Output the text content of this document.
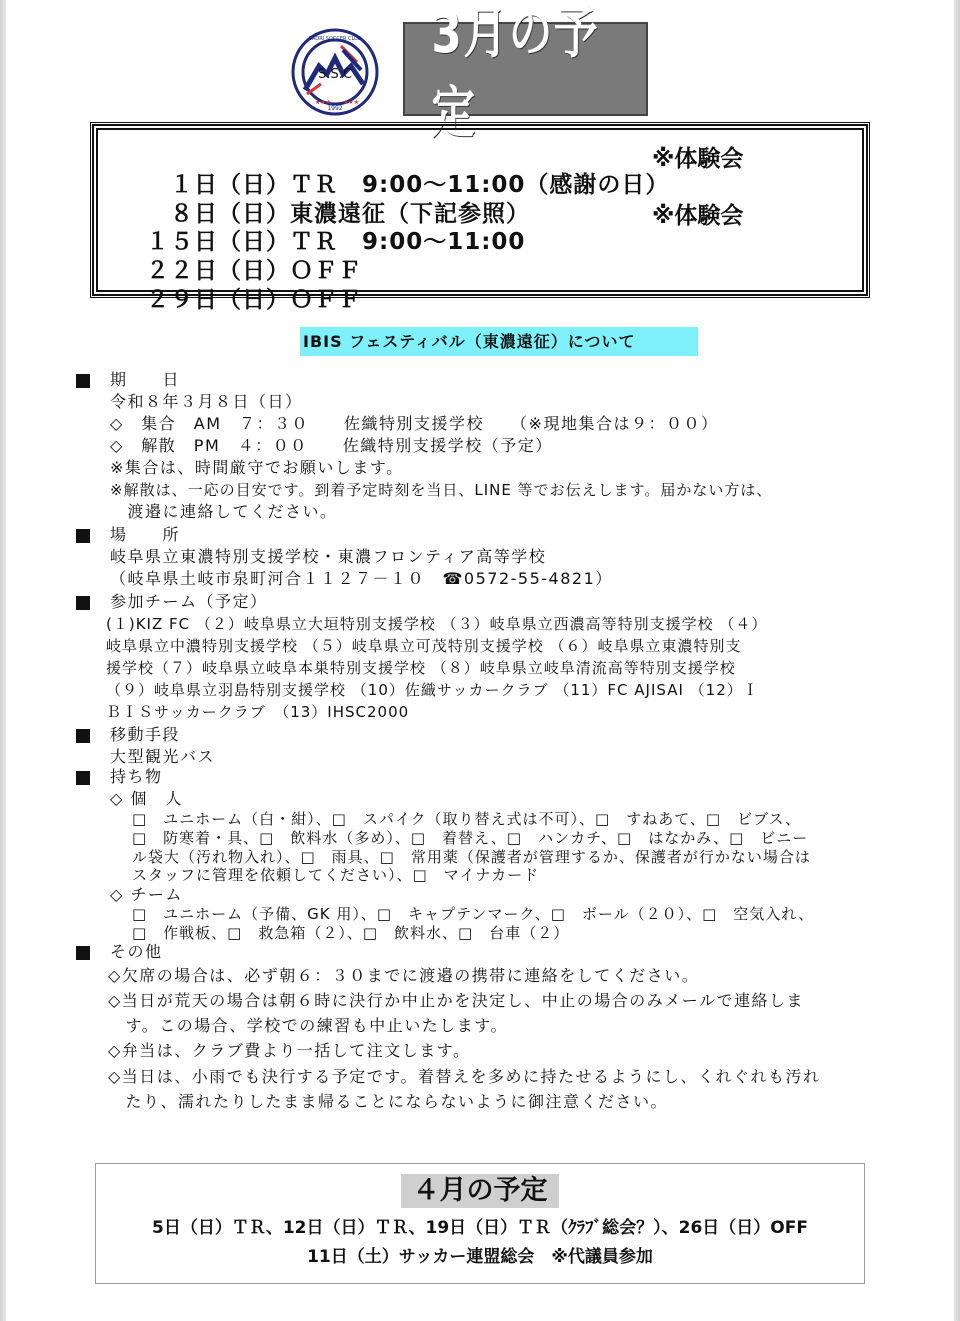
S.S.C
SAORI SOCCER CLUB
1992
★★★ ★★★
3月の予定

　１日（日）ＴＲ　9:00～11:00（感謝の日）

※体験会

　８日（日）東濃遠征（下記参照）

１５日（日）ＴＲ　9:00～11:00

※体験会

２２日（日）ＯＦＦ

２９日（日）ＯＦＦ

IBIS フェスティバル（東濃遠征）について
期　　日
令和８年３月８日（日）
◇　集合　AM　７：３０　　佐織特別支援学校　　（※現地集合は９：００）
◇　解散　PM　４：００　　佐織特別支援学校（予定）
※集合は、時間厳守でお願いします。
※解散は、一応の目安です。到着予定時刻を当日、LINE 等でお伝えします。届かない方は、
　渡邉に連絡してください。
場　　所
岐阜県立東濃特別支援学校・東濃フロンティア高等学校
（岐阜県土岐市泉町河合１１２７－１０　☎0572-55-4821）
参加チーム（予定）
(１)KIZ FC （２）岐阜県立大垣特別支援学校 （３）岐阜県立西濃高等特別支援学校 （４）
岐阜県立中濃特別支援学校 （５）岐阜県立可茂特別支援学校 （６）岐阜県立東濃特別支
援学校（７）岐阜県立岐阜本巣特別支援学校 （８）岐阜県立岐阜清流高等特別支援学校
（９）岐阜県立羽島特別支援学校 （10）佐織サッカークラブ （11）FC AJISAI （12）Ｉ
ＢＩＳサッカークラブ　（13）IHSC2000
移動手段
大型観光バス
持ち物
◇ 個　人
□　ユニホーム（白・紺）、□　スパイク（取り替え式は不可）、□　すねあて、□　ビブス、
□　防寒着・具、□　飲料水（多め）、□　着替え、□　ハンカチ、□　はなかみ、□　ビニー
ル袋大（汚れ物入れ）、□　雨具、□　常用薬（保護者が管理するか、保護者が行かない場合は
スタッフに管理を依頼してください）、□　マイナカード
◇ チーム
□　ユニホーム（予備、GK 用）、□　キャプテンマーク、□　ボール（２０）、□　空気入れ、
□　作戦板、□　救急箱（２）、□　飲料水、□　台車（２）
その他
◇欠席の場合は、必ず朝６：３０までに渡邉の携帯に連絡をしてください。
◇当日が荒天の場合は朝６時に決行か中止かを決定し、中止の場合のみメールで連絡しま
　す。この場合、学校での練習も中止いたします。
◇弁当は、クラブ費より一括して注文します。
◇当日は、小雨でも決行する予定です。着替えを多めに持たせるようにし、くれぐれも汚れ
　たり、濡れたりしたまま帰ることにならないように御注意ください。
４月の予定
5日（日）ＴＲ、12日（日）ＴＲ、19日（日）ＴＲ（ｸﾗﾌﾞ総会？）、26日（日）OFF
11日（土）サッカー連盟総会　※代議員参加
